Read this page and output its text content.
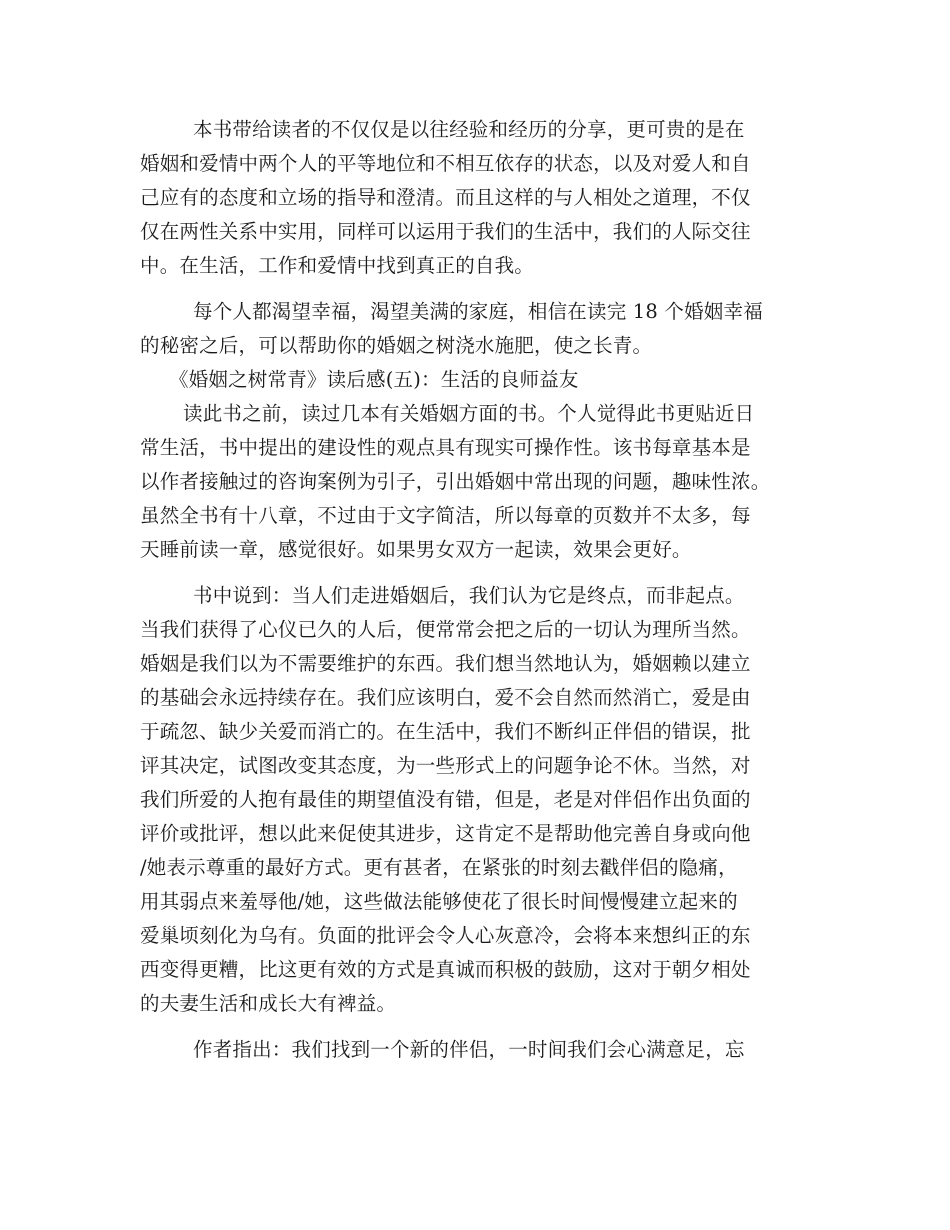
本书带给读者的不仅仅是以往经验和经历的分享，更可贵的是在

婚姻和爱情中两个人的平等地位和不相互依存的状态，以及对爱人和自

己应有的态度和立场的指导和澄清。而且这样的与人相处之道理，不仅

仅在两性关系中实用，同样可以运用于我们的生活中，我们的人际交往

中。在生活，工作和爱情中找到真正的自我。

每个人都渴望幸福，渴望美满的家庭，相信在读完 18 个婚姻幸福

的秘密之后，可以帮助你的婚姻之树浇水施肥，使之长青。

《婚姻之树常青》读后感(五)：生活的良师益友

读此书之前，读过几本有关婚姻方面的书。个人觉得此书更贴近日

常生活，书中提出的建设性的观点具有现实可操作性。该书每章基本是

以作者接触过的咨询案例为引子，引出婚姻中常出现的问题，趣味性浓。

虽然全书有十八章，不过由于文字简洁，所以每章的页数并不太多，每

天睡前读一章，感觉很好。如果男女双方一起读，效果会更好。

书中说到：当人们走进婚姻后，我们认为它是终点，而非起点。

当我们获得了心仪已久的人后，便常常会把之后的一切认为理所当然。

婚姻是我们以为不需要维护的东西。我们想当然地认为，婚姻赖以建立

的基础会永远持续存在。我们应该明白，爱不会自然而然消亡，爱是由

于疏忽、缺少关爱而消亡的。在生活中，我们不断纠正伴侣的错误，批

评其决定，试图改变其态度，为一些形式上的问题争论不休。当然，对

我们所爱的人抱有最佳的期望值没有错，但是，老是对伴侣作出负面的

评价或批评，想以此来促使其进步，这肯定不是帮助他完善自身或向他

/她表示尊重的最好方式。更有甚者，在紧张的时刻去戳伴侣的隐痛，

用其弱点来羞辱他/她，这些做法能够使花了很长时间慢慢建立起来的

爱巢顷刻化为乌有。负面的批评会令人心灰意冷，会将本来想纠正的东

西变得更糟，比这更有效的方式是真诚而积极的鼓励，这对于朝夕相处

的夫妻生活和成长大有裨益。

作者指出：我们找到一个新的伴侣，一时间我们会心满意足，忘
